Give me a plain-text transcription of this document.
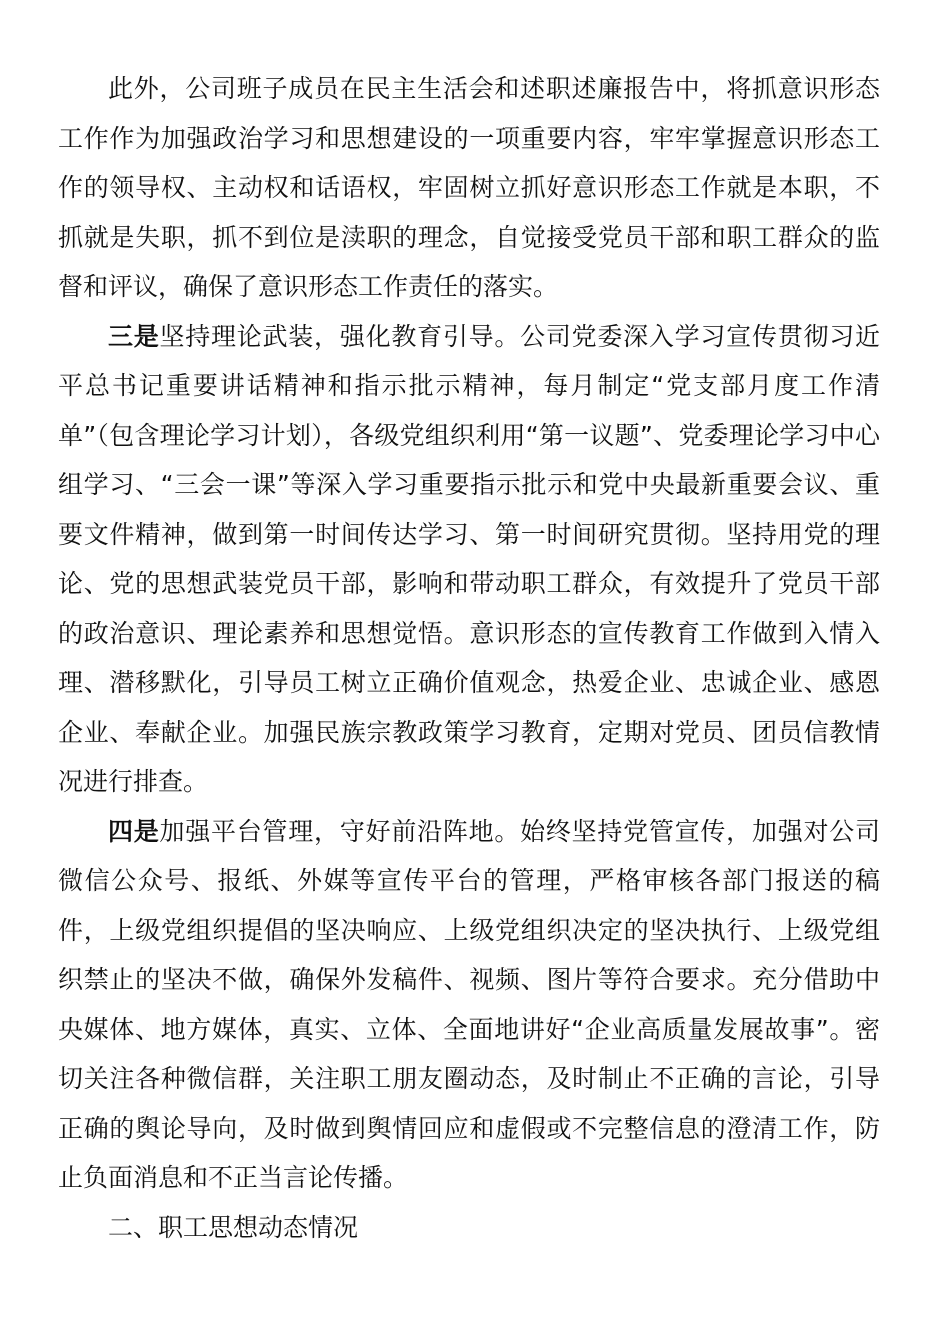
此外，公司班子成员在民主生活会和述职述廉报告中，将抓意识形态工作作为加强政治学习和思想建设的一项重要内容，牢牢掌握意识形态工作的领导权、主动权和话语权，牢固树立抓好意识形态工作就是本职，不抓就是失职，抓不到位是渎职的理念，自觉接受党员干部和职工群众的监督和评议，确保了意识形态工作责任的落实。

三是坚持理论武装，强化教育引导。公司党委深入学习宣传贯彻习近平总书记重要讲话精神和指示批示精神，每月制定“党支部月度工作清单”（包含理论学习计划），各级党组织利用“第一议题”、党委理论学习中心组学习、“三会一课”等深入学习重要指示批示和党中央最新重要会议、重要文件精神，做到第一时间传达学习、第一时间研究贯彻。坚持用党的理论、党的思想武装党员干部，影响和带动职工群众，有效提升了党员干部的政治意识、理论素养和思想觉悟。意识形态的宣传教育工作做到入情入理、潜移默化，引导员工树立正确价值观念，热爱企业、忠诚企业、感恩企业、奉献企业。加强民族宗教政策学习教育，定期对党员、团员信教情况进行排查。

四是加强平台管理，守好前沿阵地。始终坚持党管宣传，加强对公司微信公众号、报纸、外媒等宣传平台的管理，严格审核各部门报送的稿件，上级党组织提倡的坚决响应、上级党组织决定的坚决执行、上级党组织禁止的坚决不做，确保外发稿件、视频、图片等符合要求。充分借助中央媒体、地方媒体，真实、立体、全面地讲好“企业高质量发展故事”。密切关注各种微信群，关注职工朋友圈动态，及时制止不正确的言论，引导正确的舆论导向，及时做到舆情回应和虚假或不完整信息的澄清工作，防止负面消息和不正当言论传播。

二、职工思想动态情况
